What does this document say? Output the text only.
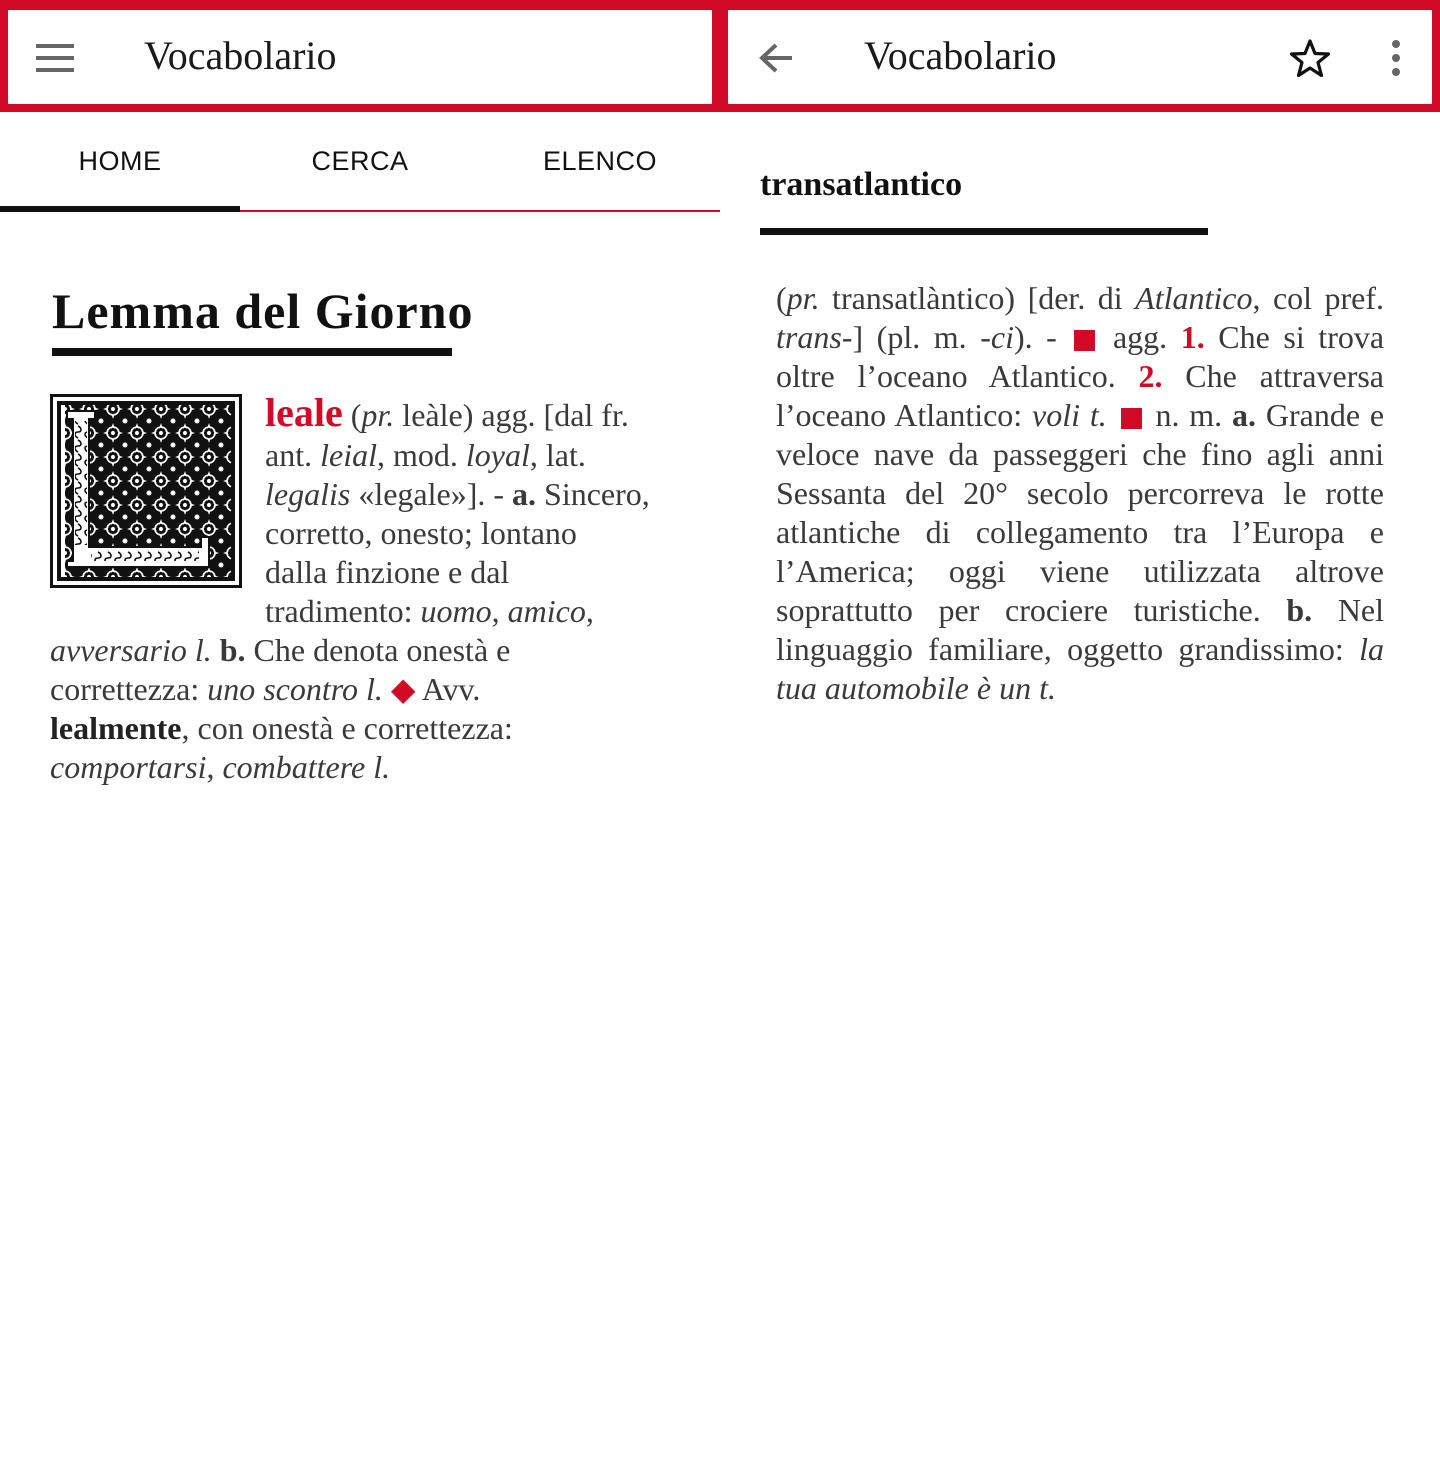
Vocabolario
HOME	CERCA	ELENCO
Lemma del Giorno
leale (pr. leàle) agg. [dal fr.
ant. leial, mod. loyal, lat.
legalis «legale»]. - a. Sincero,
corretto, onesto; lontano
dalla finzione e dal
tradimento: uomo, amico,
avversario l. b. Che denota onestà e
correttezza: uno scontro l. ◆ Avv.
lealmente, con onestà e correttezza:
comportarsi, combattere l.
Vocabolario
transatlantico
(pr. transatlàntico) [der. di Atlantico, col pref. trans-] (pl. m. -ci). - agg. 1. Che si trova oltre l’oceano Atlantico. 2. Che attraversa l’oceano Atlantico: voli t. n. m. a. Grande e veloce nave da passeggeri che fino agli anni Sessanta del 20° secolo percorreva le rotte atlantiche di collegamento tra l’Europa e l’America; oggi viene utilizzata altrove soprattutto per crociere turistiche. b. Nel linguaggio familiare, oggetto grandissimo: la tua automobile è un t.
